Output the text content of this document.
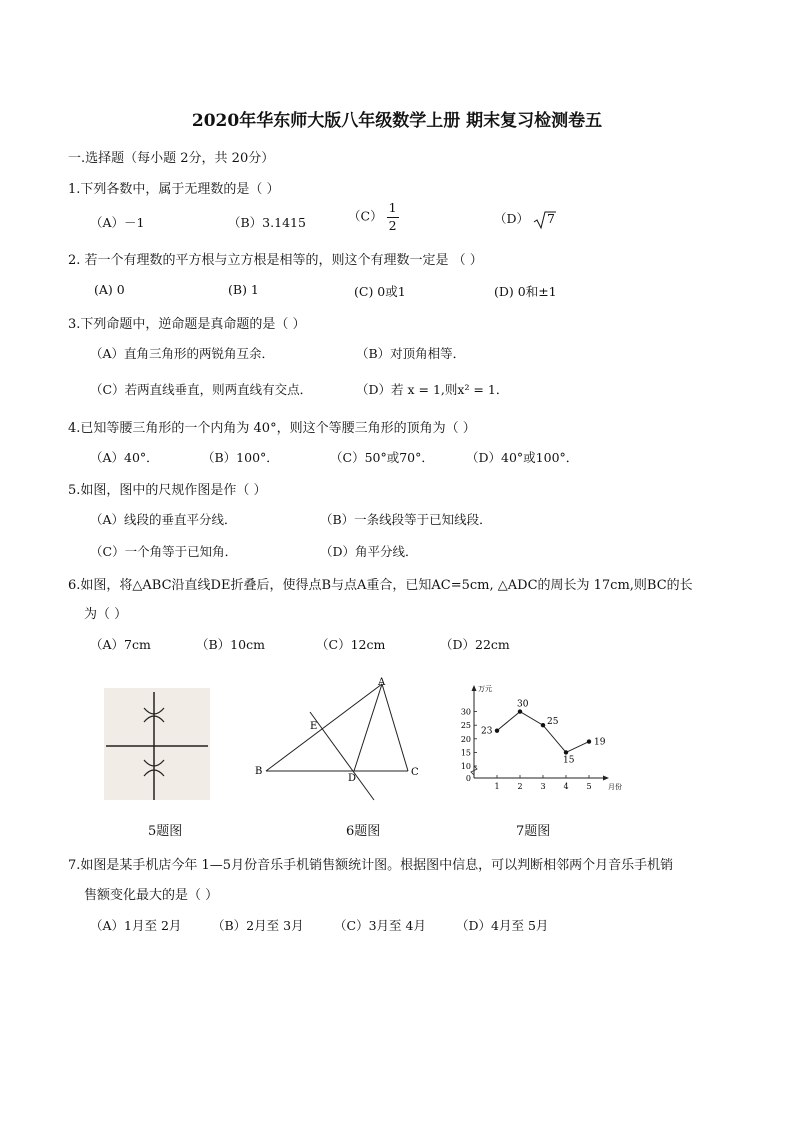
2020年华东师大版八年级数学上册 期末复习检测卷五
一.选择题（每小题 2分，共 20分）
1.下列各数中，属于无理数的是（ ）
（A）－1	（B）3.1415	$(C) \frac{1}{2}$	（D） 7
2. 若一个有理数的平方根与立方根是相等的，则这个有理数一定是 （ ）
(A) 0	(B) 1	(C) 0或1	(D) 0和±1
3.下列命题中，逆命题是真命题的是（ ）
（A）直角三角形的两锐角互余．	（B）对顶角相等．
（C）若两直线垂直，则两直线有交点．	（D）若 x = 1,则x² = 1．
4.已知等腰三角形的一个内角为 40°，则这个等腰三角形的顶角为（ ）
（A）40°．	（B）100°．	（C）50°或70°．	（D）40°或100°．
5.如图，图中的尺规作图是作（ ）
（A）线段的垂直平分线．	（B）一条线段等于已知线段．
（C）一个角等于已知角．	（D）角平分线．
6.如图，将△ABC沿直线DE折叠后，使得点B与点A重合，已知AC=5cm, △ADC的周长为 17cm,则BC的长
为（ ）
（A）7cm	（B）10cm	（C）12cm	（D）22cm
5题图
A
B	C
D
E
6题图
0
10
15
20
25
30
1 2 3 4 5
万元
月份
23
30
25
15
19
7题图
7.如图是某手机店今年 1—5月份音乐手机销售额统计图。根据图中信息，可以判断相邻两个月音乐手机销
售额变化最大的是（ ）
（A）1月至 2月 （B）2月至 3月 （C）3月至 4月 （D）4月至 5月
